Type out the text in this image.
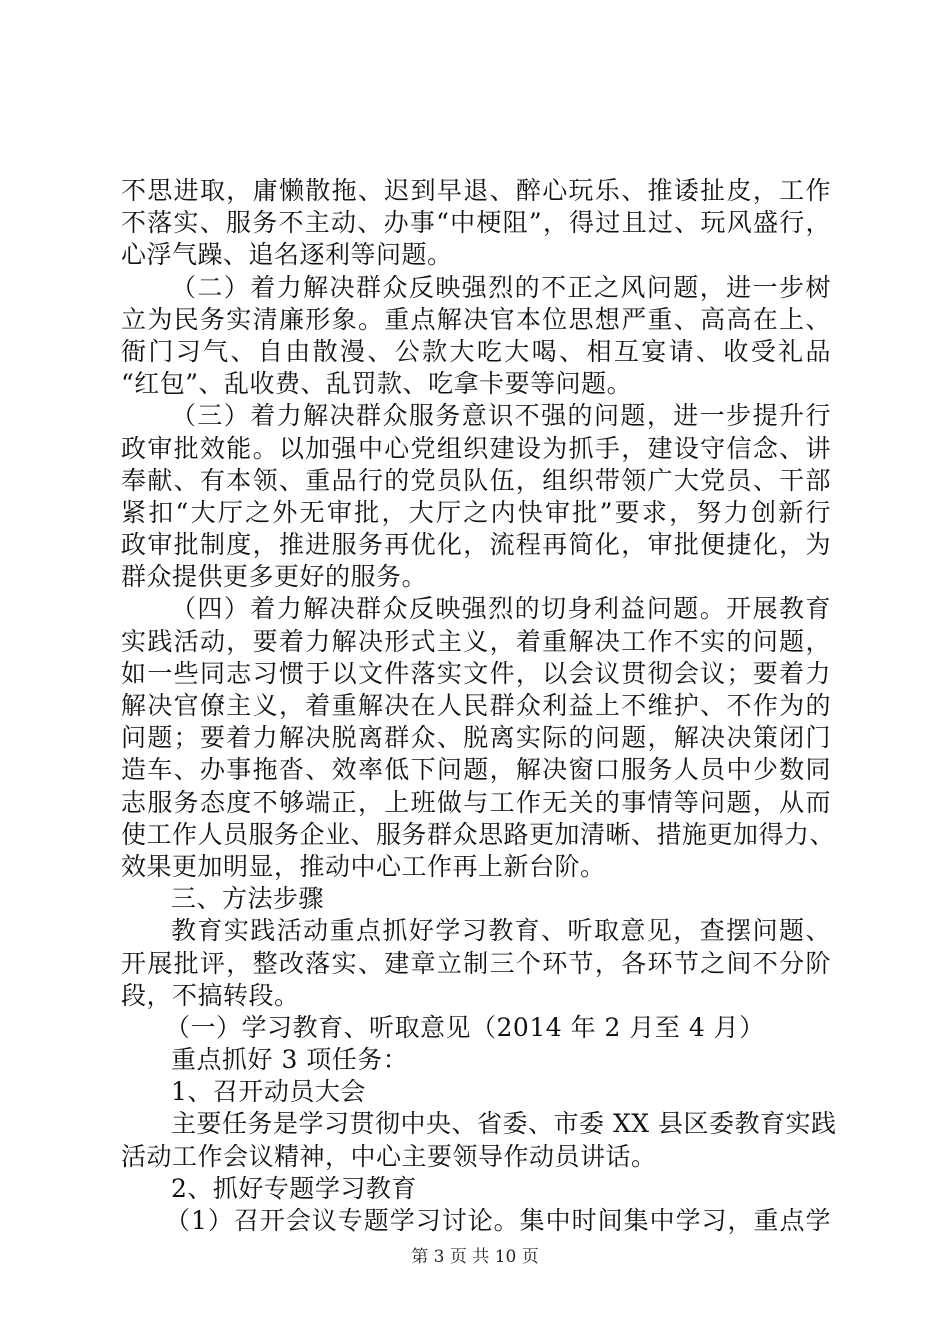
不思进取，庸懒散拖、迟到早退、醉心玩乐、推诿扯皮，工作
不落实、服务不主动、办事“中梗阻”，得过且过、玩风盛行，
心浮气躁、追名逐利等问题。
（二）着力解决群众反映强烈的不正之风问题，进一步树
立为民务实清廉形象。重点解决官本位思想严重、高高在上、
衙门习气、自由散漫、公款大吃大喝、相互宴请、收受礼品
“红包”、乱收费、乱罚款、吃拿卡要等问题。
（三）着力解决群众服务意识不强的问题，进一步提升行
政审批效能。以加强中心党组织建设为抓手，建设守信念、讲
奉献、有本领、重品行的党员队伍，组织带领广大党员、干部
紧扣“大厅之外无审批，大厅之内快审批”要求，努力创新行
政审批制度，推进服务再优化，流程再简化，审批便捷化，为
群众提供更多更好的服务。
（四）着力解决群众反映强烈的切身利益问题。开展教育
实践活动，要着力解决形式主义，着重解决工作不实的问题，
如一些同志习惯于以文件落实文件，以会议贯彻会议；要着力
解决官僚主义，着重解决在人民群众利益上不维护、不作为的
问题；要着力解决脱离群众、脱离实际的问题，解决决策闭门
造车、办事拖沓、效率低下问题，解决窗口服务人员中少数同
志服务态度不够端正，上班做与工作无关的事情等问题，从而
使工作人员服务企业、服务群众思路更加清晰、措施更加得力、
效果更加明显，推动中心工作再上新台阶。
三、方法步骤
教育实践活动重点抓好学习教育、听取意见，查摆问题、
开展批评，整改落实、建章立制三个环节，各环节之间不分阶
段，不搞转段。
（一）学习教育、听取意见（2014 年 2 月至 4 月）
重点抓好 3 项任务：
1、召开动员大会
主要任务是学习贯彻中央、省委、市委 XX 县区委教育实践
活动工作会议精神，中心主要领导作动员讲话。
2、抓好专题学习教育
（1）召开会议专题学习讨论。集中时间集中学习，重点学
第 3 页 共 10 页
